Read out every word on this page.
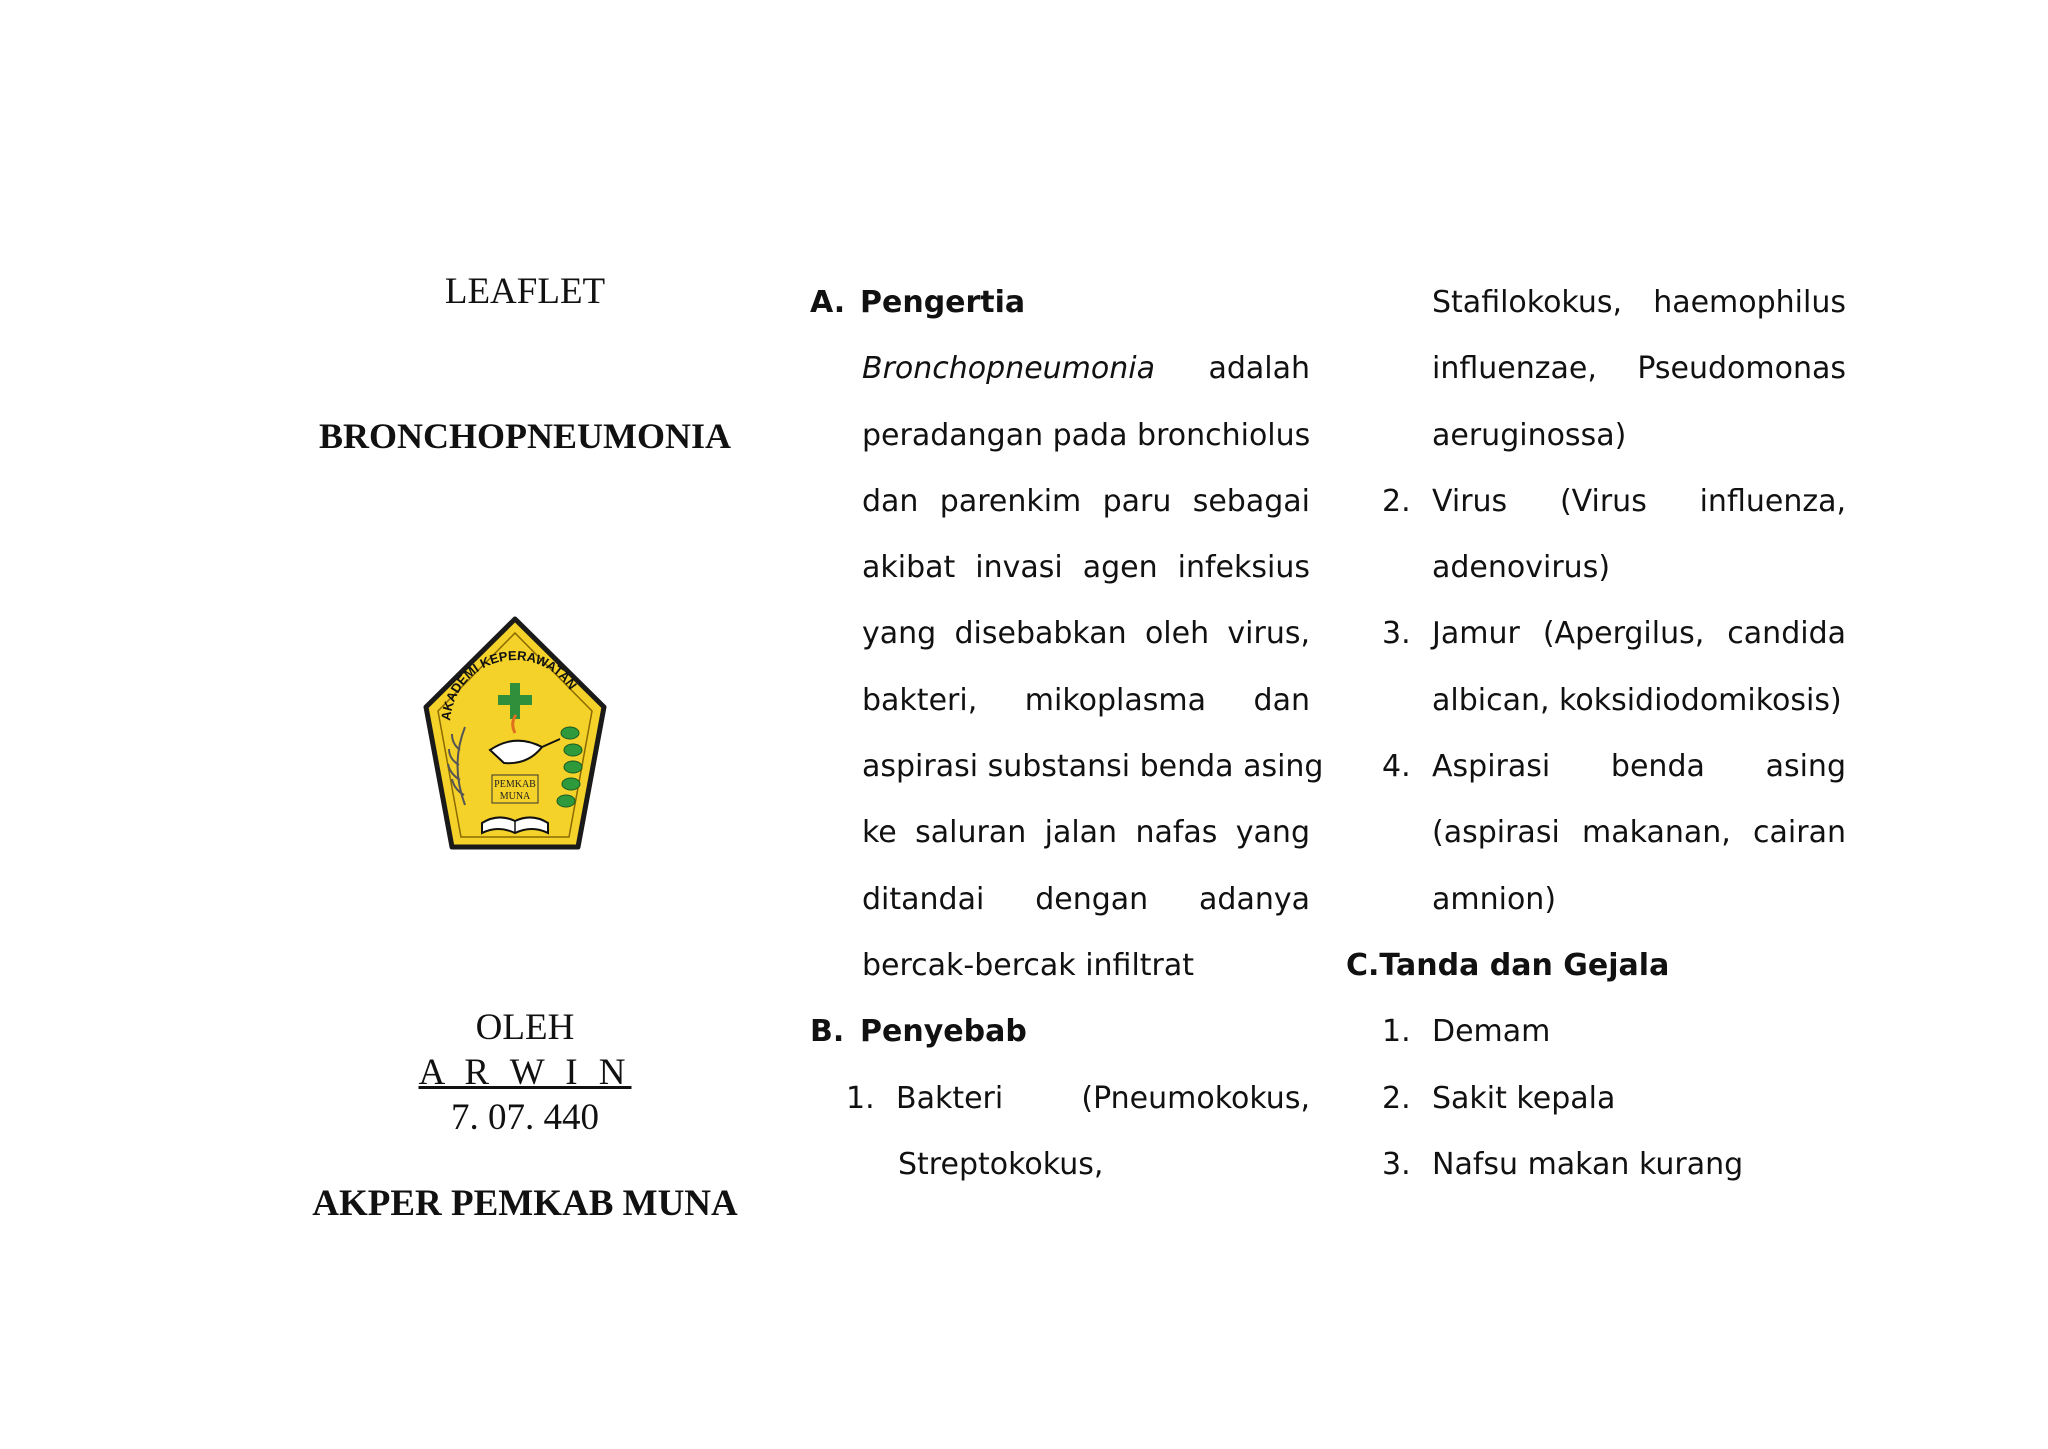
LEAFLET
BRONCHOPNEUMONIA
AKADEMI KEPERAWATAN
PEMKAB
MUNA
OLEH
A R W I N
7. 07. 440
AKPER PEMKAB MUNA
A. Pengertia
Bronchopneumonia adalah
peradangan pada bronchiolus
dan parenkim paru sebagai
akibat invasi agen infeksius
yang disebabkan oleh virus,
bakteri, mikoplasma dan
aspirasi substansi benda asing
ke saluran jalan nafas yang
ditandai dengan adanya
bercak-bercak infiltrat
B. Penyebab
1. Bakteri (Pneumokokus,
Streptokokus,
Stafilokokus, haemophilus
influenzae, Pseudomonas
aeruginossa)
2. Virus (Virus influenza,
adenovirus)
3. Jamur (Apergilus, candida
albican, koksidiodomikosis)
4. Aspirasi benda asing
(aspirasi makanan, cairan
amnion)
C. Tanda dan Gejala
1. Demam
2. Sakit kepala
3. Nafsu makan kurang
